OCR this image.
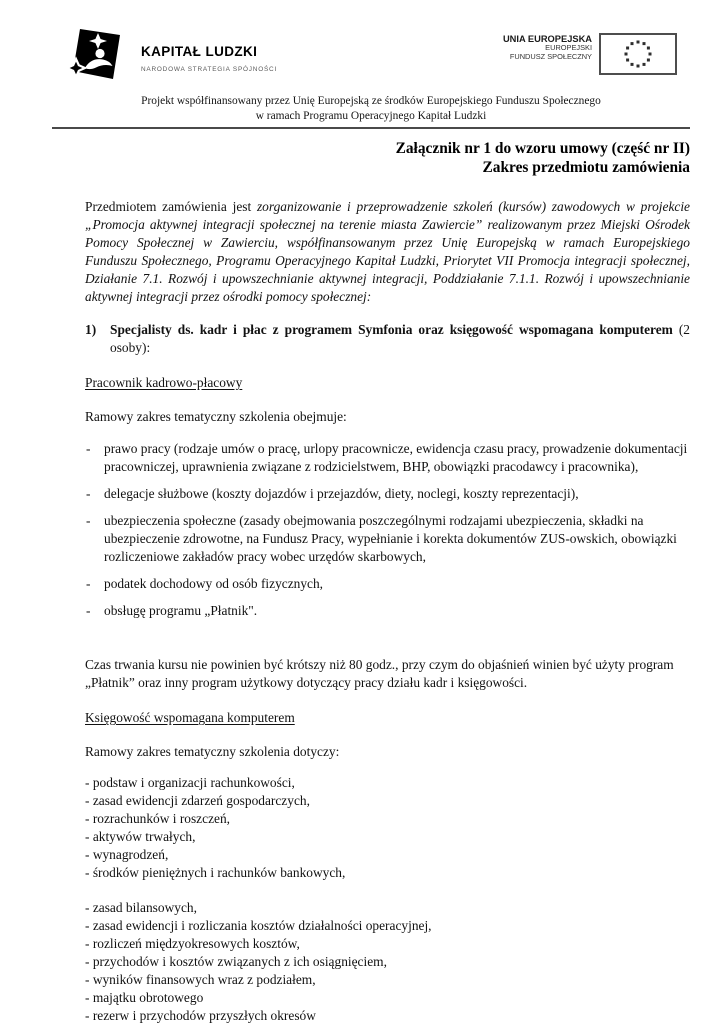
KAPITAŁ LUDZKI
NARODOWA STRATEGIA SPÓJNOŚCI
UNIA EUROPEJSKA
EUROPEJSKI
FUNDUSZ SPOŁECZNY
Projekt współfinansowany przez Unię Europejską ze środków Europejskiego Funduszu Społecznego
w ramach Programu Operacyjnego Kapitał Ludzki
Załącznik nr 1 do wzoru umowy (część nr II)
Zakres przedmiotu zamówienia

Przedmiotem zamówienia jest zorganizowanie i przeprowadzenie szkoleń (kursów) zawodowych w projekcie „Promocja aktywnej integracji społecznej na terenie miasta Zawiercie” realizowanym przez Miejski Ośrodek Pomocy Społecznej w Zawierciu, współfinansowanym przez Unię Europejską w ramach Europejskiego Funduszu Społecznego, Programu Operacyjnego Kapitał Ludzki, Priorytet VII Promocja integracji społecznej, Działanie 7.1. Rozwój i upowszechnianie aktywnej integracji, Poddziałanie 7.1.1. Rozwój i upowszechnianie aktywnej integracji przez ośrodki pomocy społecznej:

1)	Specjalisty ds. kadr i płac z programem Symfonia oraz księgowość wspomagana komputerem (2 osoby):
Pracownik kadrowo-płacowy
Ramowy zakres tematyczny szkolenia obejmuje:
- prawo pracy (rodzaje umów o pracę, urlopy pracownicze, ewidencja czasu pracy, prowadzenie dokumentacji pracowniczej, uprawnienia związane z rodzicielstwem, BHP, obowiązki pracodawcy i pracownika),
- delegacje służbowe (koszty dojazdów i przejazdów, diety, noclegi, koszty reprezentacji),
- ubezpieczenia społeczne (zasady obejmowania poszczególnymi rodzajami ubezpieczenia, składki na ubezpieczenie zdrowotne, na Fundusz Pracy, wypełnianie i korekta dokumentów ZUS-owskich, obowiązki rozliczeniowe zakładów pracy wobec urzędów skarbowych,
- podatek dochodowy od osób fizycznych,
- obsługę programu „Płatnik".

Czas trwania kursu nie powinien być krótszy niż 80 godz., przy czym do objaśnień winien być użyty program „Płatnik” oraz inny program użytkowy dotyczący pracy działu kadr i księgowości.

Księgowość wspomagana komputerem
Ramowy zakres tematyczny szkolenia dotyczy:
- podstaw i organizacji rachunkowości,
- zasad ewidencji zdarzeń gospodarczych,
- rozrachunków i roszczeń,
- aktywów trwałych,
- wynagrodzeń,
- środków pieniężnych i rachunków bankowych,
- zasad bilansowych,
- zasad ewidencji i rozliczania kosztów działalności operacyjnej,
- rozliczeń międzyokresowych kosztów,
- przychodów i kosztów związanych z ich osiągnięciem,
- wyników finansowych wraz z podziałem,
- majątku obrotowego
- rezerw i przychodów przyszłych okresów
